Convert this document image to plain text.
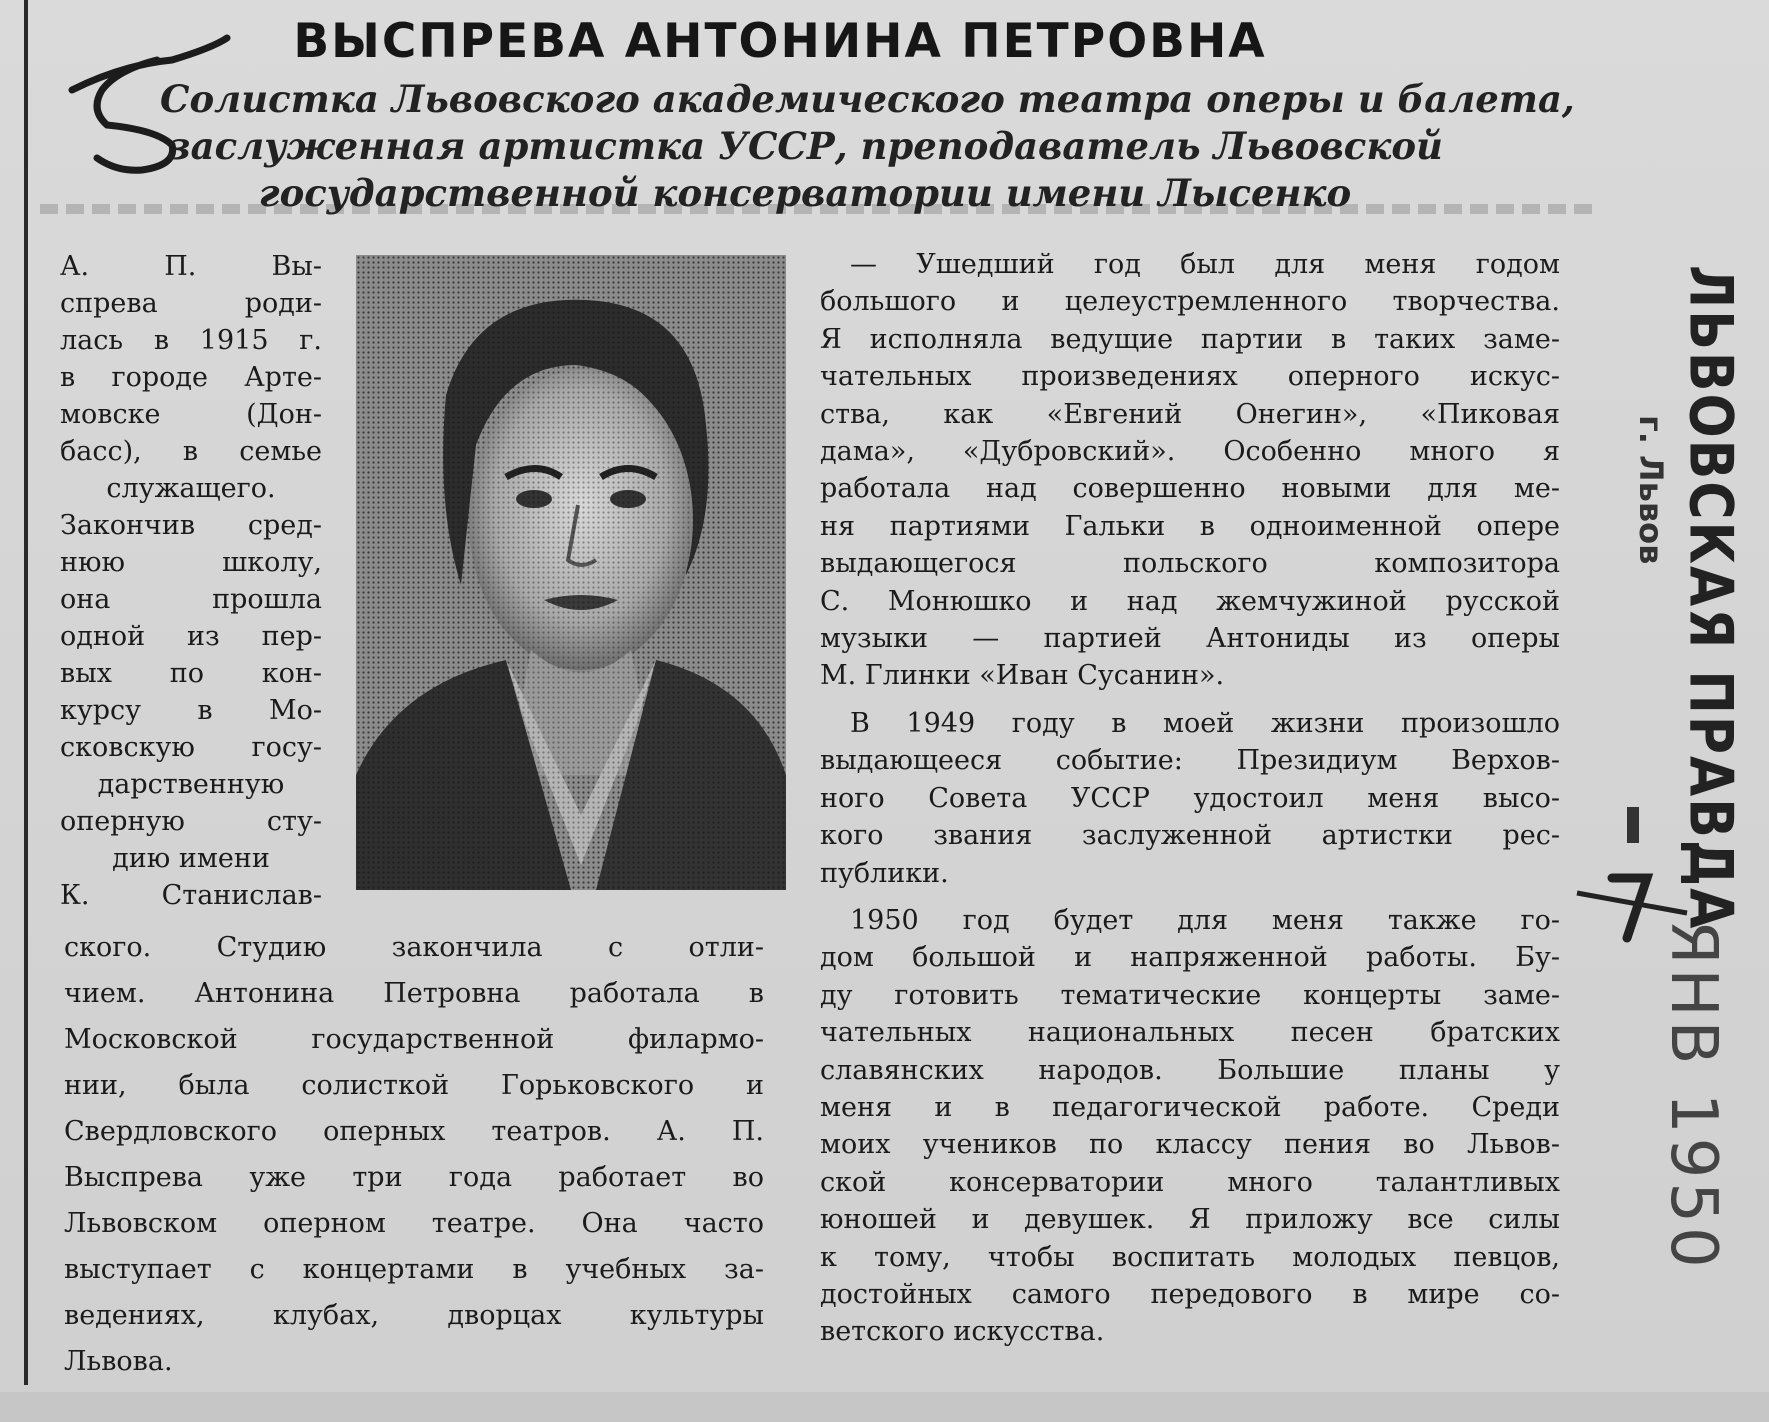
ВЫСПРЕВА АНТОНИНА ПЕТРОВНА
Солистка Львовского академического театра оперы и балета,
заслуженная артистка УССР, преподаватель Львовской
государственной консерватории имени Лысенко
А. П. Вы-
спрева роди-
лась в 1915 г.
в городе Арте-
мовске (Дон-
басс), в семье
служащего.
Закончив сред-
нюю школу,
она прошла
одной из пер-
вых по кон-
курсу в Мо-
сковскую госу-
дарственную
оперную сту-
дию имени
К. Станислав-
ского. Студию закончила с отли-
чием. Антонина Петровна работала в
Московской государственной филармо-
нии, была солисткой Горьковского и
Свердловского оперных театров. А. П.
Выспрева уже три года работает во
Львовском оперном театре. Она часто
выступает с концертами в учебных за-
ведениях, клубах, дворцах культуры
Львова.
— Ушедший год был для меня годом
большого и целеустремленного творчества.
Я исполняла ведущие партии в таких заме-
чательных произведениях оперного искус-
ства, как «Евгений Онегин», «Пиковая
дама», «Дубровский». Особенно много я
работала над совершенно новыми для ме-
ня партиями Гальки в одноименной опере
выдающегося польского композитора
С. Монюшко и над жемчужиной русской
музыки — партией Антониды из оперы
М. Глинки «Иван Сусанин».
В 1949 году в моей жизни произошло
выдающееся событие: Президиум Верхов-
ного Совета УССР удостоил меня высо-
кого звания заслуженной артистки рес-
публики.
1950 год будет для меня также го-
дом большой и напряженной работы. Бу-
ду готовить тематические концерты заме-
чательных национальных песен братских
славянских народов. Большие планы у
меня и в педагогической работе. Среди
моих учеников по классу пения во Львов-
ской консерватории много талантливых
юношей и девушек. Я приложу все силы
к тому, чтобы воспитать молодых певцов,
достойных самого передового в мире со-
ветского искусства.
ЛЬВОВСКАЯ ПРАВДА
г. Львов
ЯНВ 1950
